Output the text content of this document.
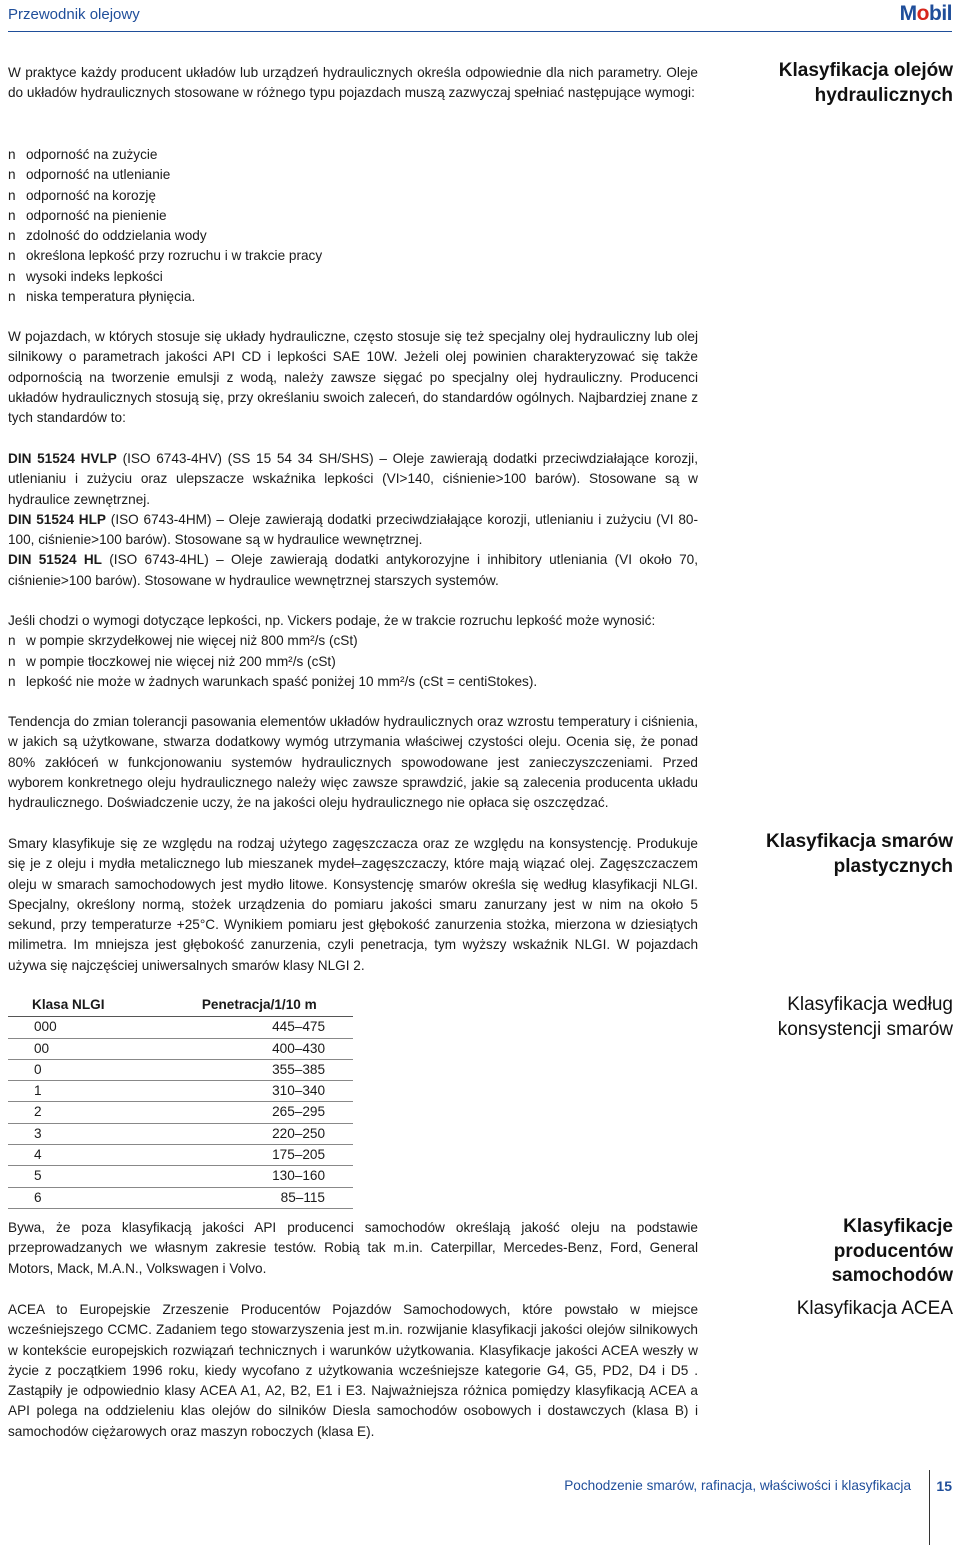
Przewodnik olejowy	Mobil
Klasyfikacja olejów
hydraulicznych
Klasyfikacja smarów
plastycznych
Klasyfikacja według
konsystencji smarów
Klasyfikacje
producentów
samochodów
Klasyfikacja ACEA

W praktyce każdy producent układów lub urządzeń hydraulicznych określa odpowiednie dla nich parametry. Oleje do układów hydraulicznych stosowane w różnego typu pojazdach muszą zazwyczaj spełniać następujące wymogi:

n odporność na zużycie
n odporność na utlenianie
n odporność na korozję
n odporność na pienienie
n zdolność do oddzielania wody
n określona lepkość przy rozruchu i w trakcie pracy
n wysoki indeks lepkości
n niska temperatura płynięcia.

W pojazdach, w których stosuje się układy hydrauliczne, często stosuje się też specjalny olej hydrauliczny lub olej silnikowy o parametrach jakości API CD i lepkości SAE 10W. Jeżeli olej powinien charakteryzować się także odpornością na tworzenie emulsji z wodą, należy zawsze sięgać po specjalny olej hydrauliczny. Producenci układów hydraulicznych stosują się, przy określaniu swoich zaleceń, do standardów ogólnych. Najbardziej znane z tych standardów to:

DIN 51524 HVLP (ISO 6743-4HV) (SS 15 54 34 SH/SHS) – Oleje zawierają dodatki przeciwdziałające korozji, utlenianiu i zużyciu oraz ulepszacze wskaźnika lepkości (VI>140, ciśnienie>100 barów). Stosowane są w hydraulice zewnętrznej.

DIN 51524 HLP (ISO 6743-4HM) – Oleje zawierają dodatki przeciwdziałające korozji, utlenianiu i zużyciu (VI 80-100, ciśnienie>100 barów). Stosowane są w hydraulice wewnętrznej.

DIN 51524 HL (ISO 6743-4HL) – Oleje zawierają dodatki antykorozyjne i inhibitory utleniania (VI około 70, ciśnienie>100 barów). Stosowane w hydraulice wewnętrznej starszych systemów.

Jeśli chodzi o wymogi dotyczące lepkości, np. Vickers podaje, że w trakcie rozruchu lepkość może wynosić:

n w pompie skrzydełkowej nie więcej niż 800 mm²/s (cSt)
n w pompie tłoczkowej nie więcej niż 200 mm²/s (cSt)
n lepkość nie może w żadnych warunkach spaść poniżej 10 mm²/s (cSt = centiStokes).

Tendencja do zmian tolerancji pasowania elementów układów hydraulicznych oraz wzrostu temperatury i ciśnienia, w jakich są użytkowane, stwarza dodatkowy wymóg utrzymania właściwej czystości oleju. Ocenia się, że ponad 80% zakłóceń w funkcjonowaniu systemów hydraulicznych spowodowane jest zanieczyszczeniami. Przed wyborem konkretnego oleju hydraulicznego należy więc zawsze sprawdzić, jakie są zalecenia producenta układu hydraulicznego. Doświadczenie uczy, że na jakości oleju hydraulicznego nie opłaca się oszczędzać.

Smary klasyfikuje się ze względu na rodzaj użytego zagęszczacza oraz ze względu na konsystencję. Produkuje się je z oleju i mydła metalicznego lub mieszanek mydeł–zagęszczaczy, które mają wiązać olej. Zagęszczaczem oleju w smarach samochodowych jest mydło litowe. Konsystencję smarów określa się według klasyfikacji NLGI. Specjalny, określony normą, stożek urządzenia do pomiaru jakości smaru zanurzany jest w nim na około 5 sekund, przy temperaturze +25°C. Wynikiem pomiaru jest głębokość zanurzenia stożka, mierzona w dziesiątych milimetra. Im mniejsza jest głębokość zanurzenia, czyli penetracja, tym wyższy wskaźnik NLGI. W pojazdach używa się najczęściej uniwersalnych smarów klasy NLGI 2.

Klasa NLGI	Penetracja/1/10 m
000	445–475
00	400–430
0	355–385
1	310–340
2	265–295
3	220–250
4	175–205
5	130–160
6	85–115

Bywa, że poza klasyfikacją jakości API producenci samochodów określają jakość oleju na podstawie przeprowadzanych we własnym zakresie testów. Robią tak m.in. Caterpillar, Mercedes-Benz, Ford, General Motors, Mack, M.A.N., Volkswagen i Volvo.

ACEA to Europejskie Zrzeszenie Producentów Pojazdów Samochodowych, które powstało w miejsce wcześniejszego CCMC. Zadaniem tego stowarzyszenia jest m.in. rozwijanie klasyfikacji jakości olejów silnikowych w kontekście europejskich rozwiązań technicznych i warunków użytkowania. Klasyfikacje jakości ACEA weszły w życie z początkiem 1996 roku, kiedy wycofano z użytkowania wcześniejsze kategorie G4, G5, PD2, D4 i D5 . Zastąpiły je odpowiednio klasy ACEA A1, A2, B2, E1 i E3. Najważniejsza różnica pomiędzy klasyfikacją ACEA a API polega na oddzieleniu klas olejów do silników Diesla samochodów osobowych i dostawczych (klasa B) i samochodów ciężarowych oraz maszyn roboczych (klasa E).

Pochodzenie smarów, rafinacja, właściwości i klasyfikacja 15
